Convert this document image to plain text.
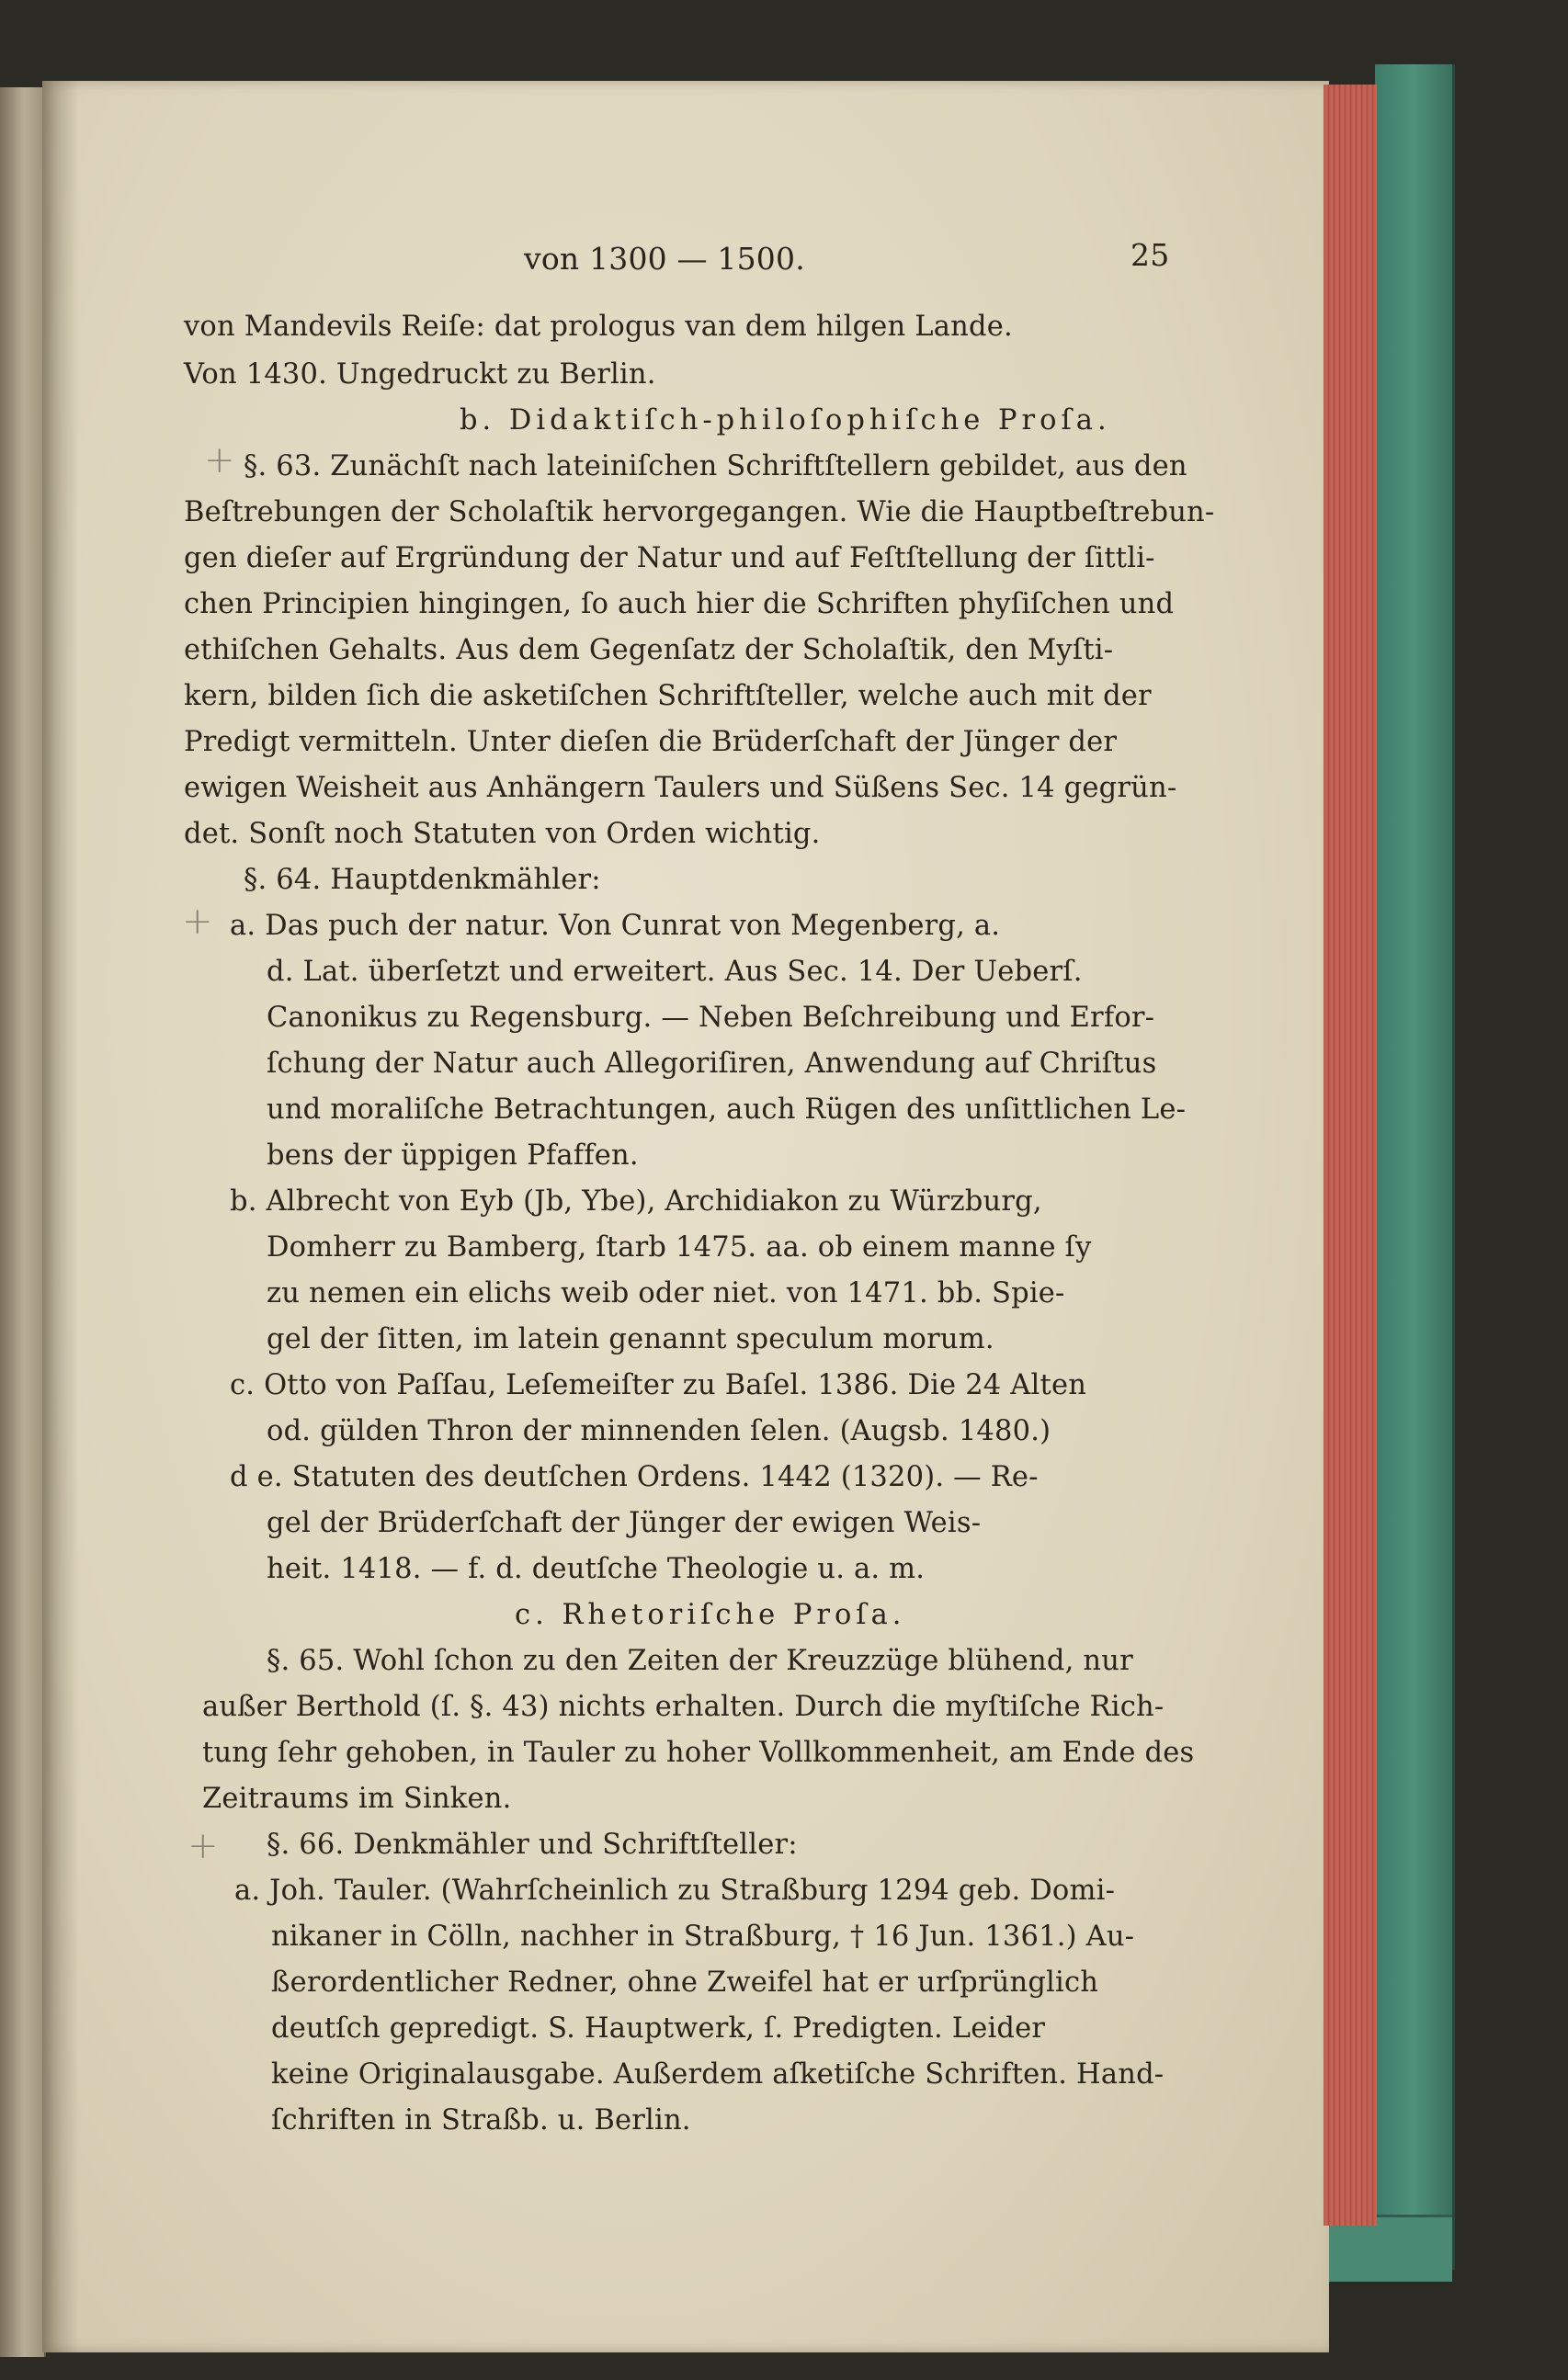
von 1300 — 1500.	25
von Mandevils Reiſe: dat prologus van dem hilgen Lande.
Von 1430. Ungedruckt zu Berlin.
b. Didaktiſch-philoſophiſche Proſa.
§. 63. Zunächſt nach lateiniſchen Schriftſtellern gebildet, aus den
Beſtrebungen der Scholaſtik hervorgegangen. Wie die Hauptbeſtrebun-
gen dieſer auf Ergründung der Natur und auf Feſtſtellung der ſittli-
chen Principien hingingen, ſo auch hier die Schriften phyſiſchen und
ethiſchen Gehalts. Aus dem Gegenſatz der Scholaſtik, den Myſti-
kern, bilden ſich die asketiſchen Schriftſteller, welche auch mit der
Predigt vermitteln. Unter dieſen die Brüderſchaft der Jünger der
ewigen Weisheit aus Anhängern Taulers und Süßens Sec. 14 gegrün-
det. Sonſt noch Statuten von Orden wichtig.
§. 64. Hauptdenkmähler:
a. Das puch der natur. Von Cunrat von Megenberg, a.
d. Lat. überſetzt und erweitert. Aus Sec. 14. Der Ueberſ.
Canonikus zu Regensburg. — Neben Beſchreibung und Erfor-
ſchung der Natur auch Allegoriſiren, Anwendung auf Chriſtus
und moraliſche Betrachtungen, auch Rügen des unſittlichen Le-
bens der üppigen Pfaffen.
b. Albrecht von Eyb (Jb, Ybe), Archidiakon zu Würzburg,
Domherr zu Bamberg, ſtarb 1475. aa. ob einem manne ſy
zu nemen ein elichs weib oder niet. von 1471. bb. Spie-
gel der ſitten, im latein genannt speculum morum.
c. Otto von Paſſau, Leſemeiſter zu Baſel. 1386. Die 24 Alten
od. gülden Thron der minnenden ſelen. (Augsb. 1480.)
d e. Statuten des deutſchen Ordens. 1442 (1320). — Re-
gel der Brüderſchaft der Jünger der ewigen Weis-
heit. 1418. — f. d. deutſche Theologie u. a. m.
c. Rhetoriſche Proſa.
§. 65. Wohl ſchon zu den Zeiten der Kreuzzüge blühend, nur
außer Berthold (ſ. §. 43) nichts erhalten. Durch die myſtiſche Rich-
tung ſehr gehoben, in Tauler zu hoher Vollkommenheit, am Ende des
Zeitraums im Sinken.
§. 66. Denkmähler und Schriftſteller:
a. Joh. Tauler. (Wahrſcheinlich zu Straßburg 1294 geb. Domi-
nikaner in Cölln, nachher in Straßburg, † 16 Jun. 1361.) Au-
ßerordentlicher Redner, ohne Zweifel hat er urſprünglich
deutſch gepredigt. S. Hauptwerk, ſ. Predigten. Leider
keine Originalausgabe. Außerdem aſketiſche Schriften. Hand-
ſchriften in Straßb. u. Berlin.
+
+
+
